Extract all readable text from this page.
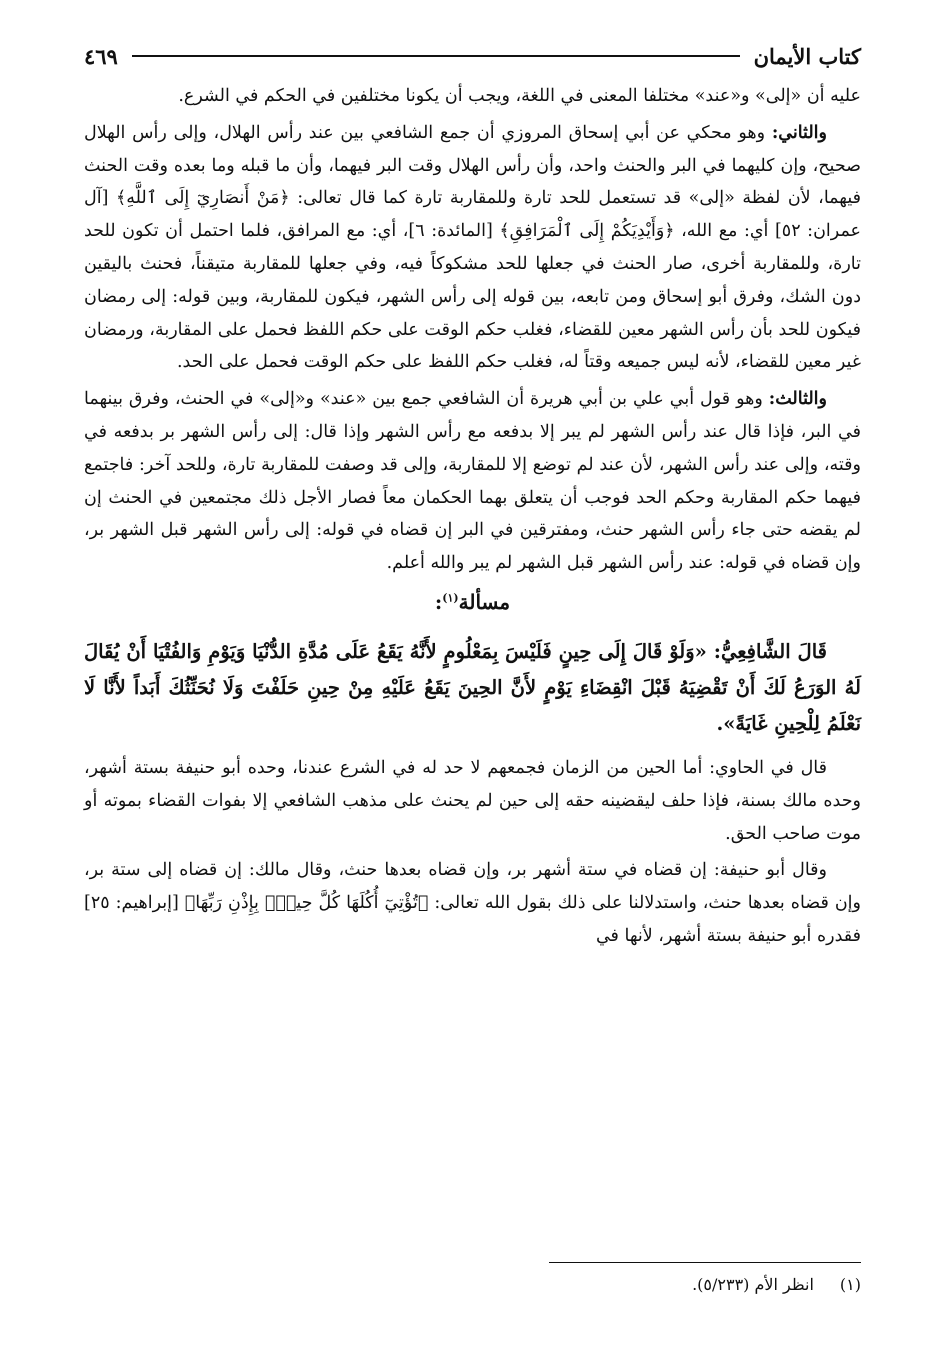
كتاب الأيمان
٤٦٩

عليه أن «إلى» و«عند» مختلفا المعنى في اللغة، ويجب أن يكونا مختلفين في الحكم في الشرع.

والثاني: وهو محكي عن أبي إسحاق المروزي أن جمع الشافعي بين عند رأس الهلال، وإلى رأس الهلال صحيح، وإن كليهما في البر والحنث واحد، وأن رأس الهلال وقت البر فيهما، وأن ما قبله وما بعده وقت الحنث فيهما، لأن لفظة «إلى» قد تستعمل للحد تارة وللمقاربة تارة كما قال تعالى: ﴿مَنْ أَنصَارِيٓ إِلَى ٱللَّهِ﴾ [آل عمران: ٥٢] أي: مع الله، ﴿وَأَيْدِيَكُمْ إِلَى ٱلْمَرَافِقِ﴾ [المائدة: ٦]، أي: مع المرافق، فلما احتمل أن تكون للحد تارة، وللمقاربة أخرى، صار الحنث في جعلها للحد مشكوكاً فيه، وفي جعلها للمقاربة متيقناً، فحنث باليقين دون الشك، وفرق أبو إسحاق ومن تابعه، بين قوله إلى رأس الشهر، فيكون للمقاربة، وبين قوله: إلى رمضان فيكون للحد بأن رأس الشهر معين للقضاء، فغلب حكم الوقت على حكم اللفظ فحمل على المقاربة، ورمضان غير معين للقضاء، لأنه ليس جميعه وقتاً له، فغلب حكم اللفظ على حكم الوقت فحمل على الحد.

والثالث: وهو قول أبي علي بن أبي هريرة أن الشافعي جمع بين «عند» و«إلى» في الحنث، وفرق بينهما في البر، فإذا قال عند رأس الشهر لم يبر إلا بدفعه مع رأس الشهر وإذا قال: إلى رأس الشهر بر بدفعه في وقته، وإلى عند رأس الشهر، لأن عند لم توضع إلا للمقاربة، وإلى قد وصفت للمقاربة تارة، وللحد آخر: فاجتمع فيهما حكم المقاربة وحكم الحد فوجب أن يتعلق بهما الحكمان معاً فصار الأجل ذلك مجتمعين في الحنث إن لم يقضه حتى جاء رأس الشهر حنث، ومفترقين في البر إن قضاه في قوله: إلى رأس الشهر قبل الشهر بر، وإن قضاه في قوله: عند رأس الشهر قبل الشهر لم يبر والله أعلم.

مسألة$^{(١)}$:

قَالَ الشَّافِعِيُّ: «وَلَوْ قَالَ إِلَى حِينٍ فَلَيْسَ بِمَعْلُومٍ لأَنَّهُ يَقَعُ عَلَى مُدَّةِ الدُّنْيَا وَيَوْمِ وَالفُتْيَا أَنْ يُقَالَ لَهُ الوَرَعُ لَكَ أَنْ تَقْضِيَهُ قَبْلَ انْقِضَاءِ يَوْمٍ لأَنَّ الحِينَ يَقَعُ عَلَيْهِ مِنْ حِينِ حَلَفْتَ وَلَا نُحَنِّثُكَ أَبَداً لأَنَّا لَا نَعْلَمُ لِلْحِينِ غَايَةً».

قال في الحاوي: أما الحين من الزمان فجمعهم لا حد له في الشرع عندنا، وحده أبو حنيفة بستة أشهر، وحده مالك بسنة، فإذا حلف ليقضينه حقه إلى حين لم يحنث على مذهب الشافعي إلا بفوات القضاء بموته أو موت صاحب الحق.

وقال أبو حنيفة: إن قضاه في ستة أشهر بر، وإن قضاه بعدها حنث، وقال مالك: إن قضاه إلى ستة بر، وإن قضاه بعدها حنث، واستدلالنا على ذلك بقول الله تعالى: ﴿تُؤْتِيٓ أُكُلَهَا كُلَّ حِينٍۭ بِإِذْنِ رَبِّهَا﴾ [إبراهيم: ٢٥] فقدره أبو حنيفة بستة أشهر، لأنها في

(١)
انظر الأم (٥/٢٣٣).
